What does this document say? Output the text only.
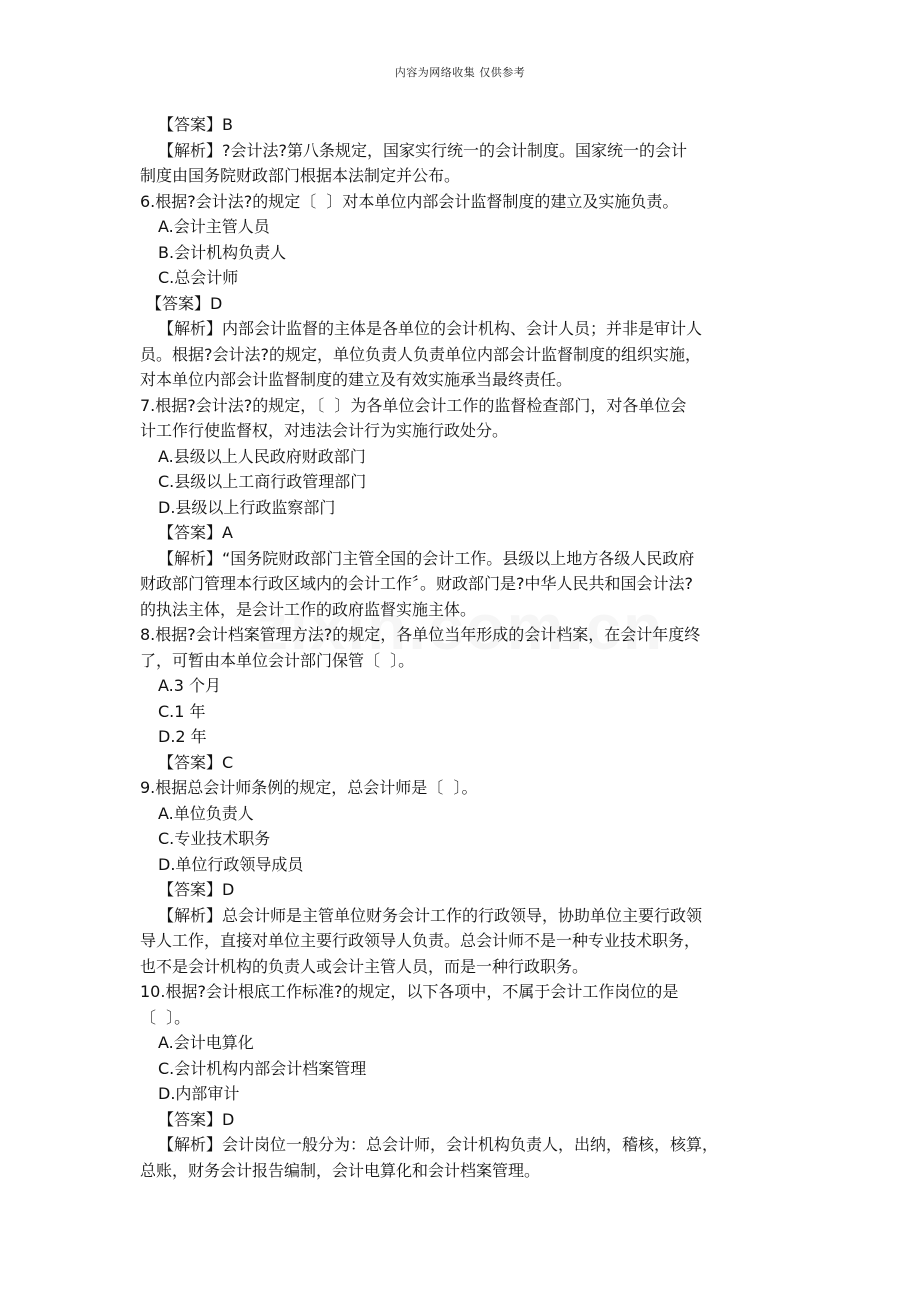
内容为网络收集 仅供参考
【答案】B
【解析】?会计法?第八条规定，国家实行统一的会计制度。国家统一的会计
制度由国务院财政部门根据本法制定并公布。
6.根据?会计法?的规定〔  〕对本单位内部会计监督制度的建立及实施负责。
A.会计主管人员
B.会计机构负责人
C.总会计师
【答案】D
【解析】内部会计监督的主体是各单位的会计机构、会计人员；并非是审计人
员。根据?会计法?的规定，单位负责人负责单位内部会计监督制度的组织实施，
对本单位内部会计监督制度的建立及有效实施承当最终责任。
7.根据?会计法?的规定，〔  〕为各单位会计工作的监督检查部门，对各单位会
计工作行使监督权，对违法会计行为实施行政处分。
A.县级以上人民政府财政部门
C.县级以上工商行政管理部门
D.县级以上行政监察部门
【答案】A
【解析】“国务院财政部门主管全国的会计工作。县级以上地方各级人民政府
财政部门管理本行政区域内的会计工作〞。财政部门是?中华人民共和国会计法?
的执法主体，是会计工作的政府监督实施主体。
8.根据?会计档案管理方法?的规定，各单位当年形成的会计档案，在会计年度终
了，可暂由本单位会计部门保管〔  〕。
A.3 个月
C.1 年
D.2 年
【答案】C
9.根据总会计师条例的规定，总会计师是〔  〕。
A.单位负责人
C.专业技术职务
D.单位行政领导成员
【答案】D
【解析】总会计师是主管单位财务会计工作的行政领导，协助单位主要行政领
导人工作，直接对单位主要行政领导人负责。总会计师不是一种专业技术职务，
也不是会计机构的负责人或会计主管人员，而是一种行政职务。
10.根据?会计根底工作标准?的规定，以下各项中，不属于会计工作岗位的是
〔  〕。
A.会计电算化
C.会计机构内部会计档案管理
D.内部审计
【答案】D
【解析】会计岗位一般分为：总会计师，会计机构负责人，出纳，稽核，核算，
总账，财务会计报告编制，会计电算化和会计档案管理。
